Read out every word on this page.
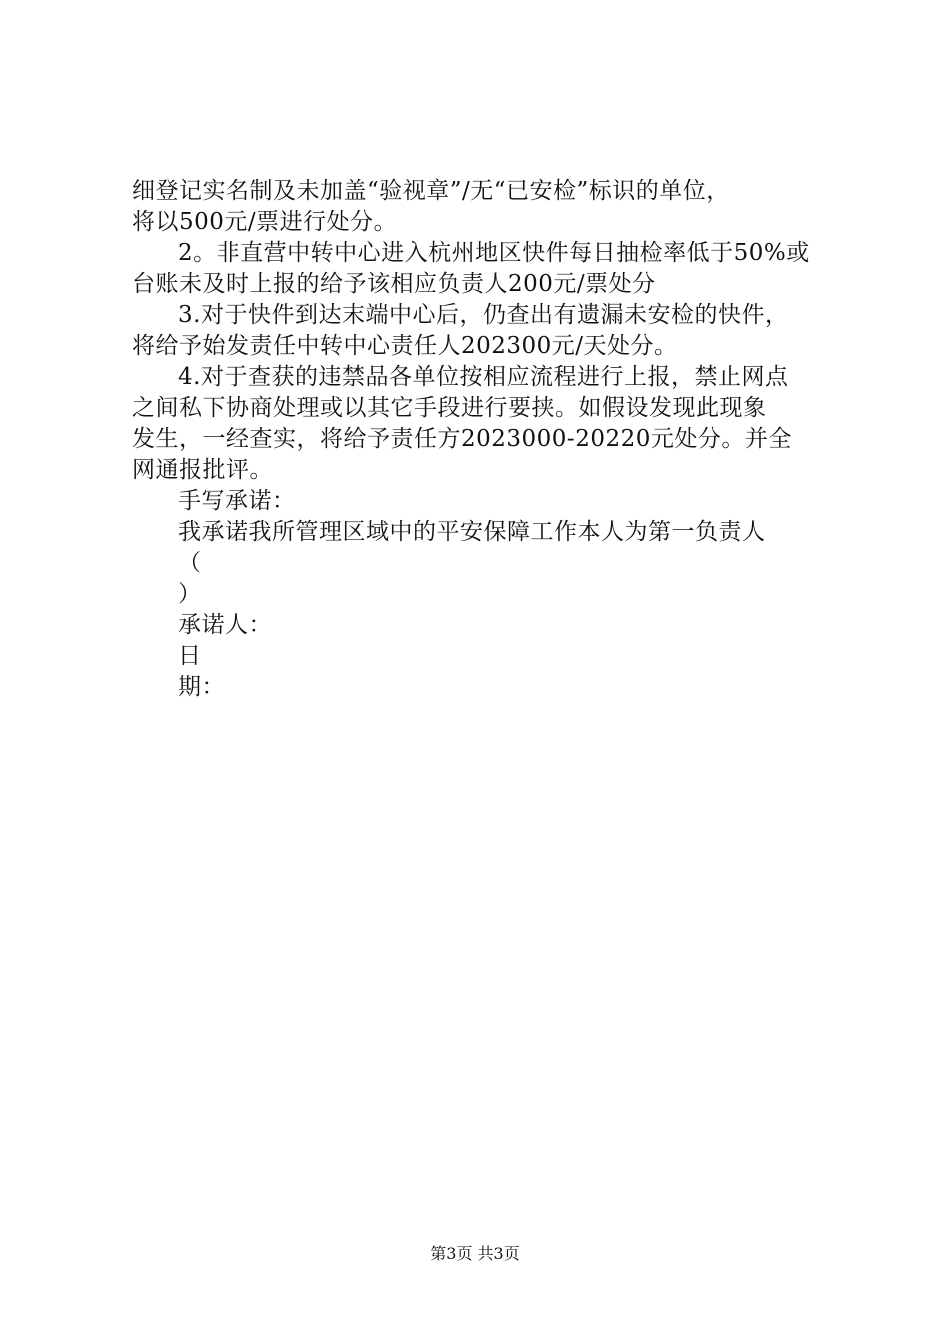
细登记实名制及未加盖“验视章”/无“已安检”标识的单位，
将以500元/票进行处分。
2。非直营中转中心进入杭州地区快件每日抽检率低于50%或
台账未及时上报的给予该相应负责人200元/票处分
3.对于快件到达末端中心后，仍查出有遗漏未安检的快件，
将给予始发责任中转中心责任人202300元/天处分。
4.对于查获的违禁品各单位按相应流程进行上报，禁止网点
之间私下协商处理或以其它手段进行要挟。如假设发现此现象
发生，一经查实，将给予责任方2023000-20220元处分。并全
网通报批评。
手写承诺：
我承诺我所管理区域中的平安保障工作本人为第一负责人
（
）
承诺人：
日
期：
第3页 共3页
